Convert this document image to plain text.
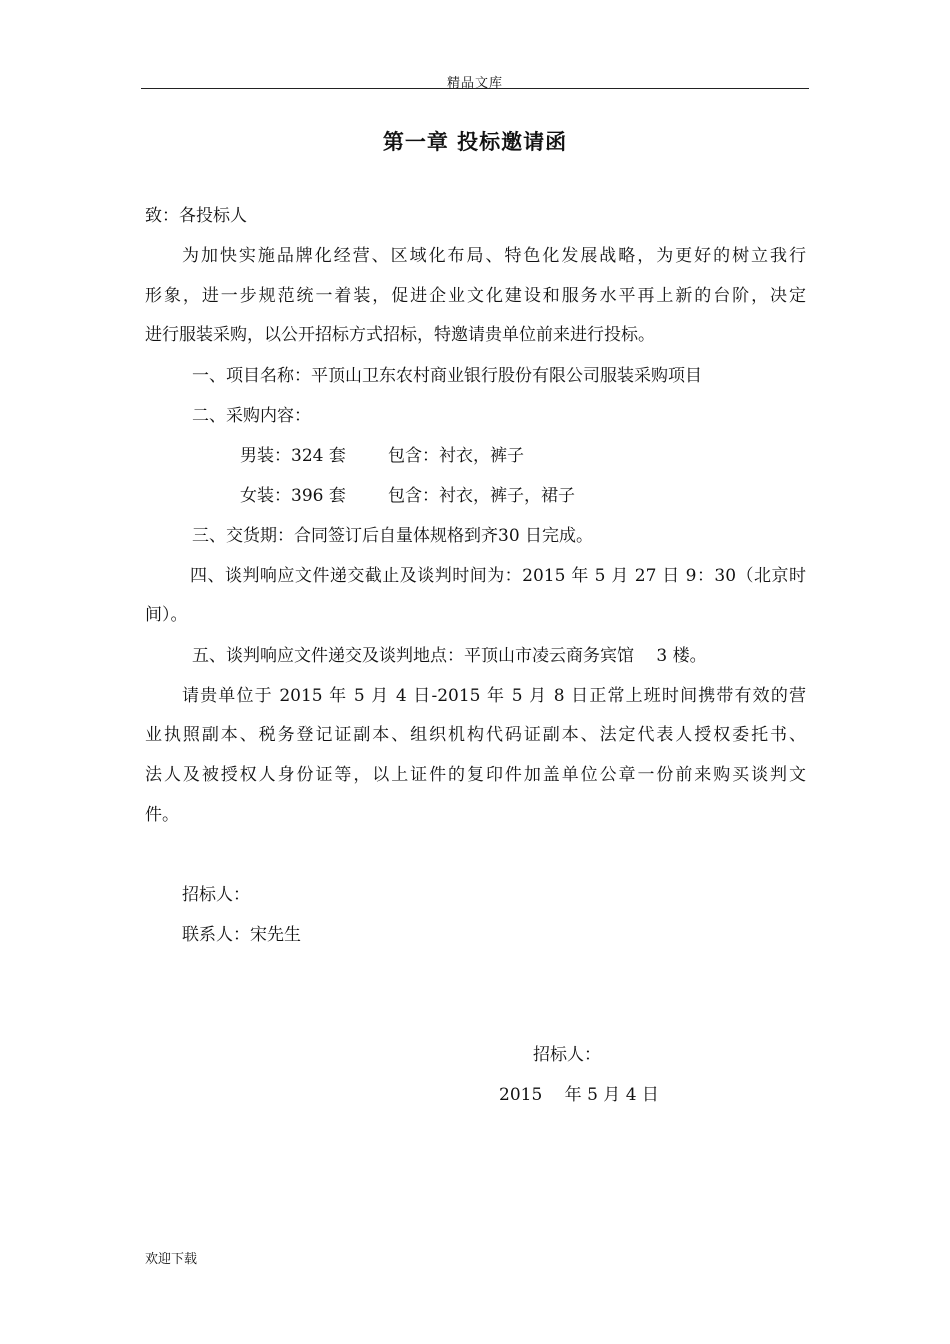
精品文库
第一章 投标邀请函
致：各投标人
为加快实施品牌化经营、区域化布局、特色化发展战略，为更好的树立我行
形象，进一步规范统一着装，促进企业文化建设和服务水平再上新的台阶，决定
进行服装采购，以公开招标方式招标，特邀请贵单位前来进行投标。
一、项目名称：平顶山卫东农村商业银行股份有限公司服装采购项目
二、采购内容：
男装：324 套 包含：衬衣，裤子
女装：396 套 包含：衬衣，裤子，裙子
三、交货期：合同签订后自量体规格到齐30 日完成。
四、谈判响应文件递交截止及谈判时间为：2015 年 5 月 27 日 9：30（北京时
间）。
五、谈判响应文件递交及谈判地点：平顶山市凌云商务宾馆　 3 楼。
请贵单位于 2015 年 5 月 4 日-2015 年 5 月 8 日正常上班时间携带有效的营
业执照副本、税务登记证副本、组织机构代码证副本、法定代表人授权委托书、
法人及被授权人身份证等，以上证件的复印件加盖单位公章一份前来购买谈判文
件。
招标人：
联系人：宋先生
招标人：
2015　 年 5 月 4 日
欢迎下载
